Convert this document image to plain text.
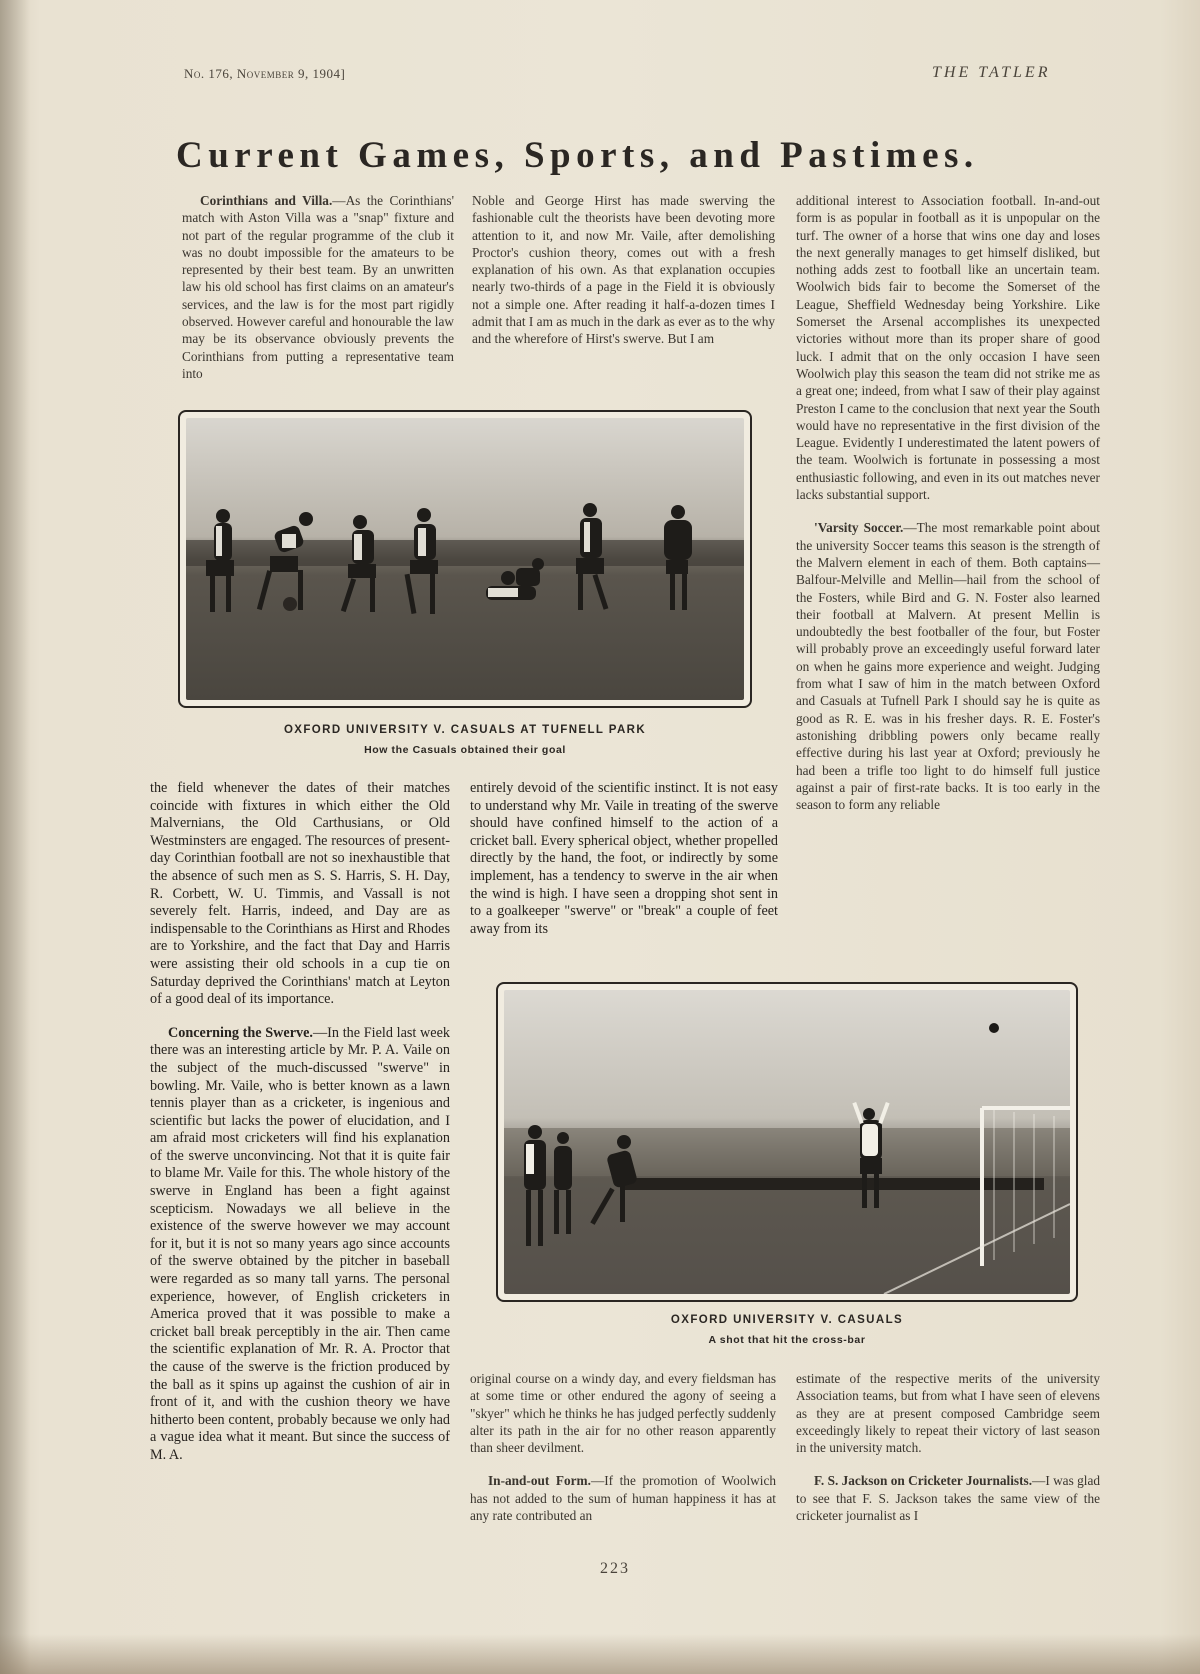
No. 176, November 9, 1904]	THE TATLER
Current Games, Sports, and Pastimes.

Corinthians and Villa.—As the Corinthians' match with Aston Villa was a "snap" fixture and not part of the regular programme of the club it was no doubt impossible for the amateurs to be represented by their best team. By an unwritten law his old school has first claims on an amateur's services, and the law is for the most part rigidly observed. However careful and honourable the law may be its observance obviously prevents the Corinthians from putting a representative team into

Noble and George Hirst has made swerving the fashionable cult the theorists have been devoting more attention to it, and now Mr. Vaile, after demolishing Proctor's cushion theory, comes out with a fresh explanation of his own. As that explanation occupies nearly two-thirds of a page in the Field it is obviously not a simple one. After reading it half-a-dozen times I admit that I am as much in the dark as ever as to the why and the wherefore of Hirst's swerve. But I am

additional interest to Association football. In-and-out form is as popular in football as it is unpopular on the turf. The owner of a horse that wins one day and loses the next generally manages to get himself disliked, but nothing adds zest to football like an uncertain team. Woolwich bids fair to become the Somerset of the League, Sheffield Wednesday being Yorkshire. Like Somerset the Arsenal accomplishes its unexpected victories without more than its proper share of good luck. I admit that on the only occasion I have seen Woolwich play this season the team did not strike me as a great one; indeed, from what I saw of their play against Preston I came to the conclusion that next year the South would have no representative in the first division of the League. Evidently I underestimated the latent powers of the team. Woolwich is fortunate in possessing a most enthusiastic following, and even in its out matches never lacks substantial support.

'Varsity Soccer.—The most remarkable point about the university Soccer teams this season is the strength of the Malvern element in each of them. Both captains—Balfour-Melville and Mellin—hail from the school of the Fosters, while Bird and G. N. Foster also learned their football at Malvern. At present Mellin is undoubtedly the best footballer of the four, but Foster will probably prove an exceedingly useful forward later on when he gains more experience and weight. Judging from what I saw of him in the match between Oxford and Casuals at Tufnell Park I should say he is quite as good as R. E. was in his fresher days. R. E. Foster's astonishing dribbling powers only became really effective during his last year at Oxford; previously he had been a trifle too light to do himself full justice against a pair of first-rate backs. It is too early in the season to form any reliable

OXFORD UNIVERSITY V. CASUALS AT TUFNELL PARK
How the Casuals obtained their goal

the field whenever the dates of their matches coincide with fixtures in which either the Old Malvernians, the Old Carthusians, or Old Westminsters are engaged. The resources of present-day Corinthian football are not so inexhaustible that the absence of such men as S. S. Harris, S. H. Day, R. Corbett, W. U. Timmis, and Vassall is not severely felt. Harris, indeed, and Day are as indispensable to the Corinthians as Hirst and Rhodes are to Yorkshire, and the fact that Day and Harris were assisting their old schools in a cup tie on Saturday deprived the Corinthians' match at Leyton of a good deal of its importance.

Concerning the Swerve.—In the Field last week there was an interesting article by Mr. P. A. Vaile on the subject of the much-discussed "swerve" in bowling. Mr. Vaile, who is better known as a lawn tennis player than as a cricketer, is ingenious and scientific but lacks the power of elucidation, and I am afraid most cricketers will find his explanation of the swerve unconvincing. Not that it is quite fair to blame Mr. Vaile for this. The whole history of the swerve in England has been a fight against scepticism. Nowadays we all believe in the existence of the swerve however we may account for it, but it is not so many years ago since accounts of the swerve obtained by the pitcher in baseball were regarded as so many tall yarns. The personal experience, however, of English cricketers in America proved that it was possible to make a cricket ball break perceptibly in the air. Then came the scientific explanation of Mr. R. A. Proctor that the cause of the swerve is the friction produced by the ball as it spins up against the cushion of air in front of it, and with the cushion theory we have hitherto been content, probably because we only had a vague idea what it meant. But since the success of M. A.

entirely devoid of the scientific instinct. It is not easy to understand why Mr. Vaile in treating of the swerve should have confined himself to the action of a cricket ball. Every spherical object, whether propelled directly by the hand, the foot, or indirectly by some implement, has a tendency to swerve in the air when the wind is high. I have seen a dropping shot sent in to a goalkeeper "swerve" or "break" a couple of feet away from its

OXFORD UNIVERSITY V. CASUALS
A shot that hit the cross-bar

original course on a windy day, and every fieldsman has at some time or other endured the agony of seeing a "skyer" which he thinks he has judged perfectly suddenly alter its path in the air for no other reason apparently than sheer devilment.

In-and-out Form.—If the promotion of Woolwich has not added to the sum of human happiness it has at any rate contributed an

estimate of the respective merits of the university Association teams, but from what I have seen of elevens as they are at present composed Cambridge seem exceedingly likely to repeat their victory of last season in the university match.

F. S. Jackson on Cricketer Journalists.—I was glad to see that F. S. Jackson takes the same view of the cricketer journalist as I

223
